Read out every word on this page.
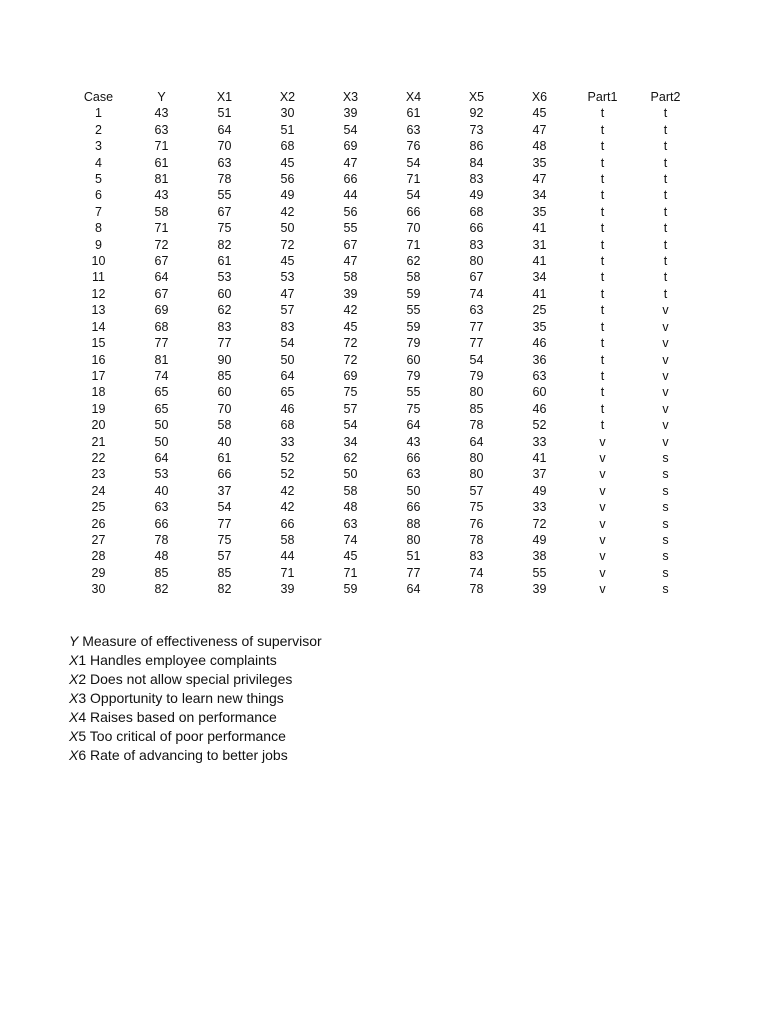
Case	Y	X1	X2	X3	X4	X5	X6	Part1	Part2
1	43	51	30	39	61	92	45	t	t
2	63	64	51	54	63	73	47	t	t
3	71	70	68	69	76	86	48	t	t
4	61	63	45	47	54	84	35	t	t
5	81	78	56	66	71	83	47	t	t
6	43	55	49	44	54	49	34	t	t
7	58	67	42	56	66	68	35	t	t
8	71	75	50	55	70	66	41	t	t
9	72	82	72	67	71	83	31	t	t
10	67	61	45	47	62	80	41	t	t
11	64	53	53	58	58	67	34	t	t
12	67	60	47	39	59	74	41	t	t
13	69	62	57	42	55	63	25	t	v
14	68	83	83	45	59	77	35	t	v
15	77	77	54	72	79	77	46	t	v
16	81	90	50	72	60	54	36	t	v
17	74	85	64	69	79	79	63	t	v
18	65	60	65	75	55	80	60	t	v
19	65	70	46	57	75	85	46	t	v
20	50	58	68	54	64	78	52	t	v
21	50	40	33	34	43	64	33	v	v
22	64	61	52	62	66	80	41	v	s
23	53	66	52	50	63	80	37	v	s
24	40	37	42	58	50	57	49	v	s
25	63	54	42	48	66	75	33	v	s
26	66	77	66	63	88	76	72	v	s
27	78	75	58	74	80	78	49	v	s
28	48	57	44	45	51	83	38	v	s
29	85	85	71	71	77	74	55	v	s
30	82	82	39	59	64	78	39	v	s
Y Measure of effectiveness of supervisor
X1 Handles employee complaints
X2 Does not allow special privileges
X3 Opportunity to learn new things
X4 Raises based on performance
X5 Too critical of poor performance
X6 Rate of advancing to better jobs
